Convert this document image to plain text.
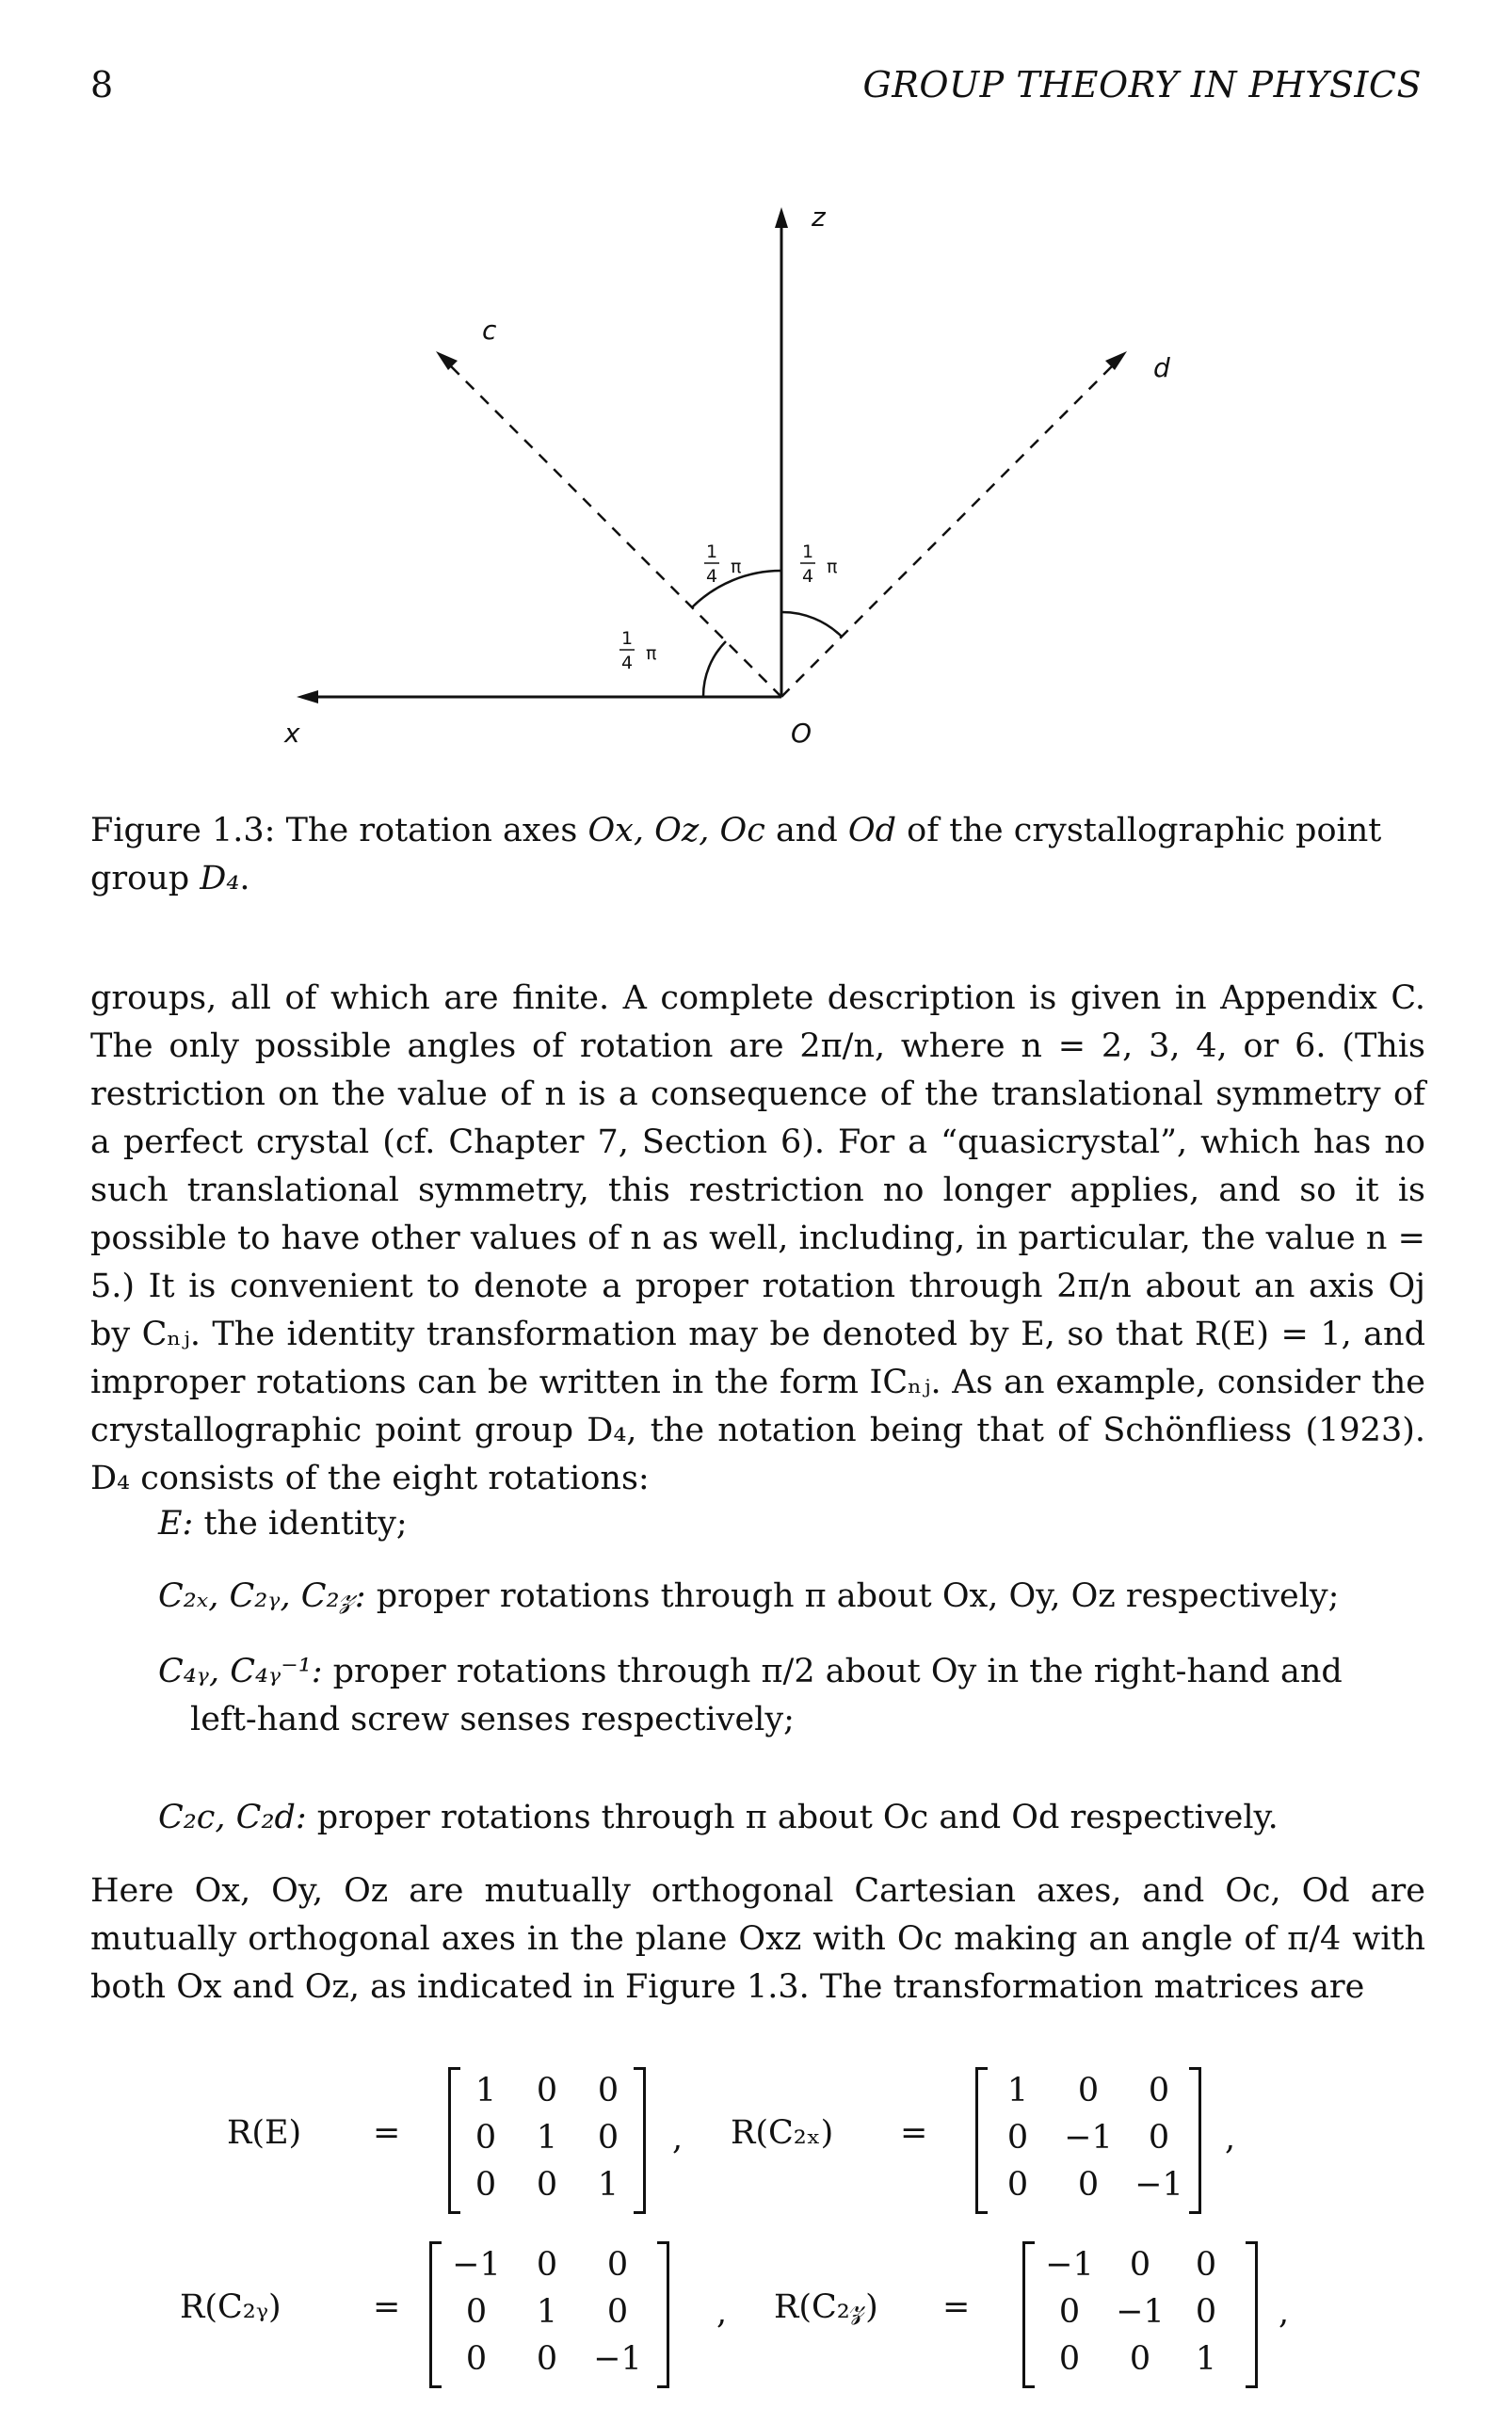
8	GROUP THEORY IN PHYSICS
1
4 π
1
4 π
1
4 π
z
c
d
x	O
Figure 1.3: The rotation axes Ox, Oz, Oc and Od of the crystallographic point group D₄.

groups, all of which are finite. A complete description is given in Appendix C. The only possible angles of rotation are 2π/n, where n = 2, 3, 4, or 6. (This restriction on the value of n is a consequence of the translational symmetry of a perfect crystal (cf. Chapter 7, Section 6). For a “quasicrystal”, which has no such translational symmetry, this restriction no longer applies, and so it is possible to have other values of n as well, including, in particular, the value n = 5.) It is convenient to denote a proper rotation through 2π/n about an axis Oj by Cₙⱼ. The identity transformation may be denoted by E, so that R(E) = 1, and improper rotations can be written in the form ICₙⱼ. As an example, consider the crystallographic point group D₄, the notation being that of Schönfliess (1923). D₄ consists of the eight rotations:

E: the identity;
C₂ₓ, C₂ᵧ, C₂𝓏: proper rotations through π about Ox, Oy, Oz respectively;
C₄ᵧ, C₄ᵧ⁻¹: proper rotations through π/2 about Oy in the right-hand and
left-hand screw senses respectively;
C₂c, C₂d: proper rotations through π about Oc and Od respectively.
Here Ox, Oy, Oz are mutually orthogonal Cartesian axes, and Oc, Od are mutually orthogonal axes in the plane Oxz with Oc making an angle of π/4 with both Ox and Oz, as indicated in Figure 1.3. The transformation matrices are
R(E) =
1	0	0
0	1	0
0	0	1
, R(C₂ₓ) =
1	0	0
0	−1	0
0	0	−1
,
R(C₂ᵧ)	=
−1	0	0
0	1	0
0	0	−1
, R(C₂𝓏) =
−1	0	0
0	−1 0
0	0	1
,
